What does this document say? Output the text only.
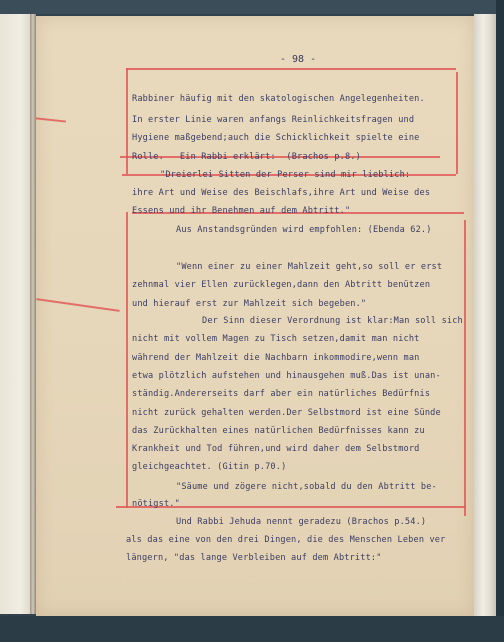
- 98 -
Rabbiner häufig mit den skatologischen Angelegenheiten.
In erster Linie waren anfangs Reinlichkeitsfragen und
Hygiene maßgebend;auch die Schicklichkeit spielte eine
Rolle.   Ein Rabbi erklärt:  (Brachos p.8.)
"Dreierlei Sitten der Perser sind mir lieblich:
ihre Art und Weise des Beischlafs,ihre Art und Weise des
Essens und ihr Benehmen auf dem Abtritt."
Aus Anstandsgründen wird empfohlen: (Ebenda 62.)
"Wenn einer zu einer Mahlzeit geht,so soll er erst
zehnmal vier Ellen zurücklegen,dann den Abtritt benützen
und hierauf erst zur Mahlzeit sich begeben."
Der Sinn dieser Verordnung ist klar:Man soll sich
nicht mit vollem Magen zu Tisch setzen,damit man nicht
während der Mahlzeit die Nachbarn inkommodire,wenn man
etwa plötzlich aufstehen und hinausgehen muß.Das ist unan-
ständig.Andererseits darf aber ein natürliches Bedürfnis
nicht zurück gehalten werden.Der Selbstmord ist eine Sünde
das Zurückhalten eines natürlichen Bedürfnisses kann zu
Krankheit und Tod führen,und wird daher dem Selbstmord
gleichgeachtet. (Gitin p.70.)
"Säume und zögere nicht,sobald du den Abtritt be-
nötigst."
Und Rabbi Jehuda nennt geradezu (Brachos p.54.)
als das eine von den drei Dingen, die des Menschen Leben ver
längern, "das lange Verbleiben auf dem Abtritt:"
